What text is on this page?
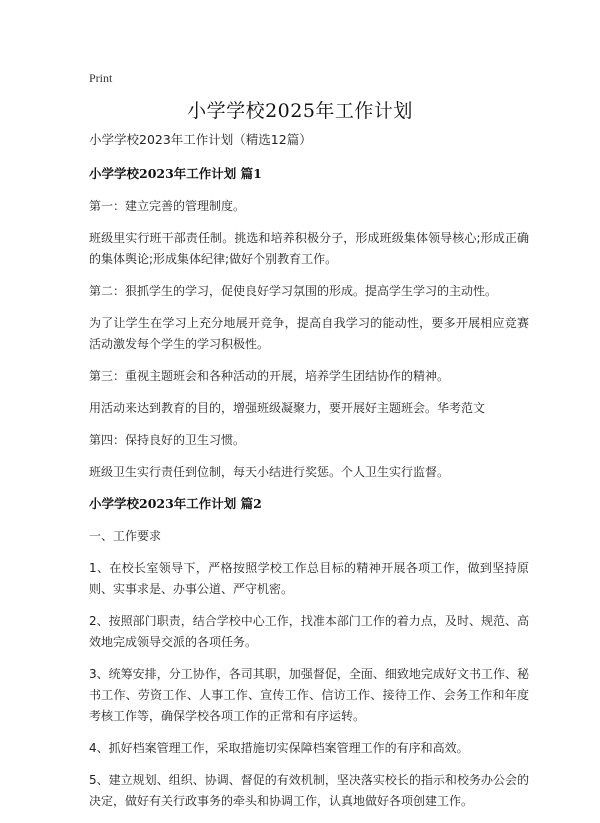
Print
小学学校2025年工作计划

小学学校2023年工作计划（精选12篇）

小学学校2023年工作计划 篇1

第一：建立完善的管理制度。

班级里实行班干部责任制。挑选和培养积极分子，形成班级集体领导核心;形成正确的集体舆论;形成集体纪律;做好个别教育工作。

第二：狠抓学生的学习，促使良好学习氛围的形成。提高学生学习的主动性。

为了让学生在学习上充分地展开竞争，提高自我学习的能动性，要多开展相应竞赛活动激发每个学生的学习积极性。

第三：重视主题班会和各种活动的开展，培养学生团结协作的精神。

用活动来达到教育的目的，增强班级凝聚力，要开展好主题班会。华考范文

第四：保持良好的卫生习惯。

班级卫生实行责任到位制，每天小结进行奖惩。个人卫生实行监督。

小学学校2023年工作计划 篇2

一、工作要求

1、在校长室领导下，严格按照学校工作总目标的精神开展各项工作，做到坚持原则、实事求是、办事公道、严守机密。

2、按照部门职责，结合学校中心工作，找准本部门工作的着力点，及时、规范、高效地完成领导交派的各项任务。

3、统筹安排，分工协作，各司其职，加强督促，全面、细致地完成好文书工作、秘书工作、劳资工作、人事工作、宣传工作、信访工作、接待工作、会务工作和年度考核工作等，确保学校各项工作的正常和有序运转。

4、抓好档案管理工作，采取措施切实保障档案管理工作的有序和高效。

5、建立规划、组织、协调、督促的有效机制，坚决落实校长的指示和校务办公会的决定，做好有关行政事务的牵头和协调工作，认真地做好各项创建工作。
